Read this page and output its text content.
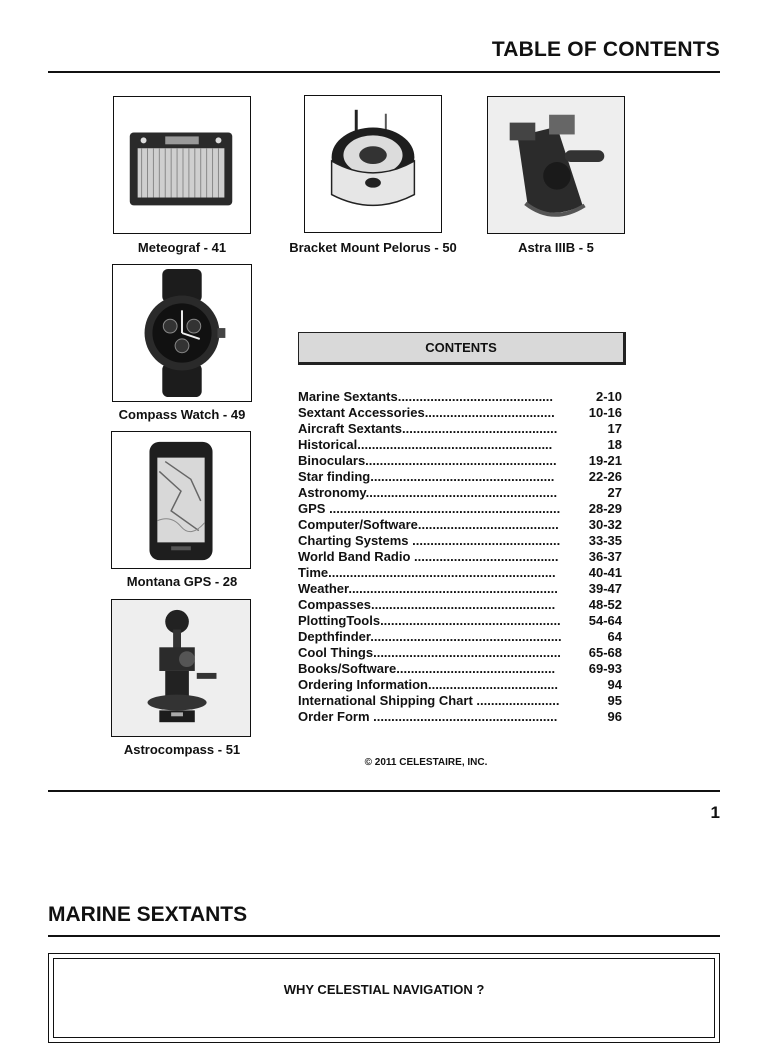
TABLE OF CONTENTS
Meteograf - 41	Bracket Mount Pelorus - 50	Astra IIIB - 5
Compass Watch - 49
Montana GPS - 28
Astrocompass - 51
CONTENTS
Marine Sextants...........................................	2-10
Sextant Accessories....................................	10-16
Aircraft Sextants...........................................	17
Historical......................................................	18
Binoculars.....................................................	19-21
Star finding...................................................	22-26
Astronomy.....................................................	27
GPS ................................................................	28-29
Computer/Software.......................................	30-32
Charting Systems .........................................	33-35
World Band Radio ........................................	36-37
Time...............................................................	40-41
Weather..........................................................	39-47
Compasses...................................................	48-52
PlottingTools..................................................	54-64
Depthfinder.....................................................	64
Cool Things....................................................	65-68
Books/Software............................................	69-93
Ordering Information....................................	94
International Shipping Chart .......................	95
Order Form ...................................................	96
© 2011 CELESTAIRE, INC.
1
MARINE SEXTANTS
WHY CELESTIAL NAVIGATION ?
